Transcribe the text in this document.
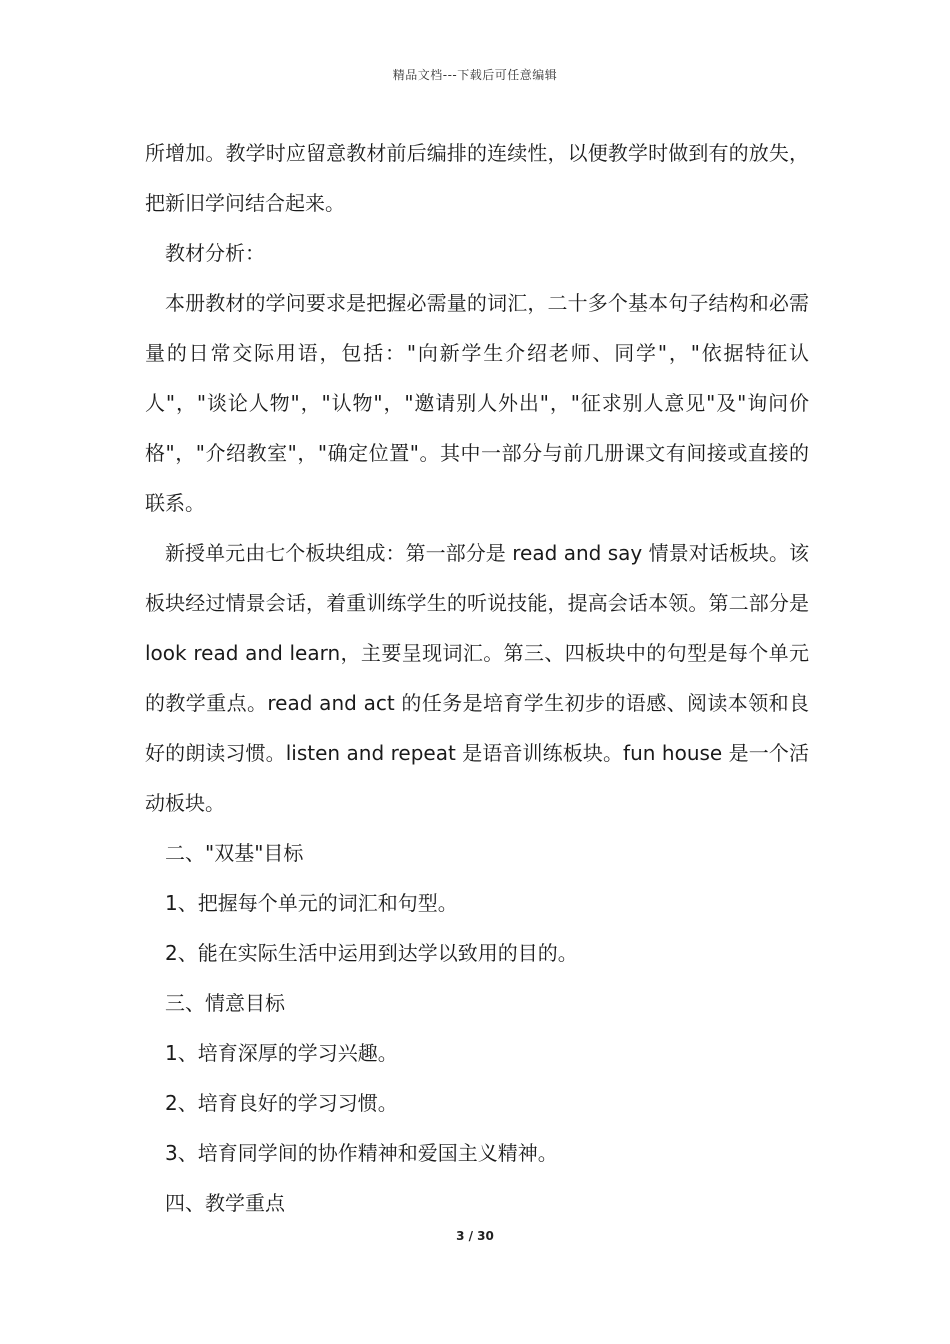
精品文档---下载后可任意编辑

所增加。教学时应留意教材前后编排的连续性，以便教学时做到有的放失，把新旧学问结合起来。

教材分析：

本册教材的学问要求是把握必需量的词汇，二十多个基本句子结构和必需量的日常交际用语，包括："向新学生介绍老师、同学"，"依据特征认人"，"谈论人物"，"认物"，"邀请别人外出"，"征求别人意见"及"询问价格"，"介绍教室"，"确定位置"。其中一部分与前几册课文有间接或直接的联系。

新授单元由七个板块组成：第一部分是 read and say 情景对话板块。该板块经过情景会话，着重训练学生的听说技能，提高会话本领。第二部分是 look read and learn，主要呈现词汇。第三、四板块中的句型是每个单元的教学重点。read and act 的任务是培育学生初步的语感、阅读本领和良好的朗读习惯。listen and repeat 是语音训练板块。fun house 是一个活动板块。

二、"双基"目标

1、把握每个单元的词汇和句型。

2、能在实际生活中运用到达学以致用的目的。

三、情意目标

1、培育深厚的学习兴趣。

2、培育良好的学习习惯。

3、培育同学间的协作精神和爱国主义精神。

四、教学重点

3 / 30
